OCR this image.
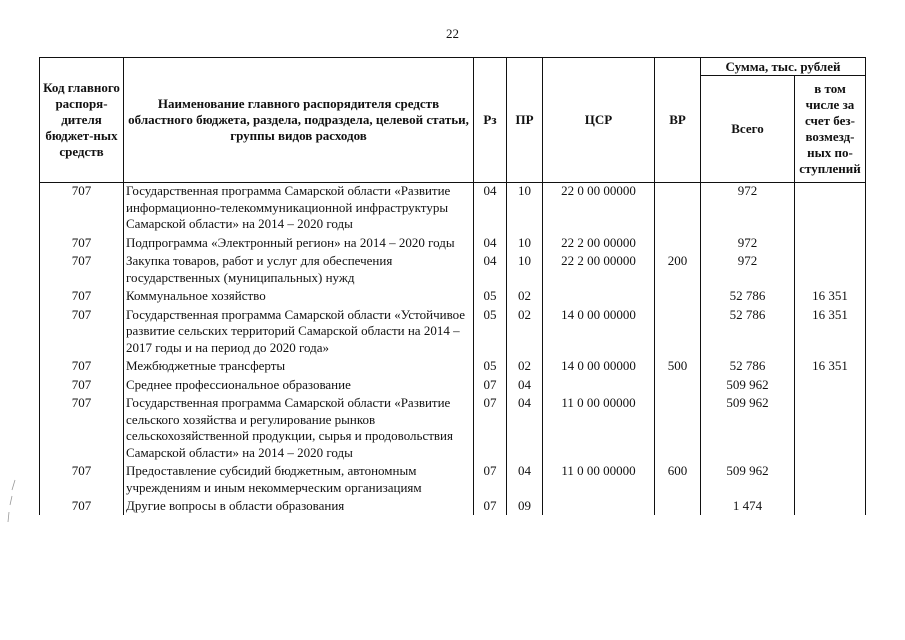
22
Код главного распоря-дителя бюджет-ных средств	Наименование главного распорядителя средств областного бюджета, раздела, подраздела, целевой статьи, группы видов расходов	Рз	ПР	ЦСР	ВР	Сумма, тыс. рублей	
						Всего	в том числе за счет без-возмезд-ных по-ступлений
707	Государственная программа Самарской области «Развитие информационно-телекоммуникационной инфраструктуры Самарской области» на 2014 – 2020 годы	04	10	22 0 00 00000		972	
707	Подпрограмма «Электронный регион» на 2014 – 2020 годы	04	10	22 2 00 00000		972	
707	Закупка товаров, работ и услуг для обеспечения государственных (муниципальных) нужд	04	10	22 2 00 00000	200	972	
707	Коммунальное хозяйство	05	02			52 786	16 351
707	Государственная программа Самарской области «Устойчивое развитие сельских территорий Самарской области на 2014 – 2017 годы и на период до 2020 года»	05	02	14 0 00 00000		52 786	16 351
707	Межбюджетные трансферты	05	02	14 0 00 00000	500	52 786	16 351
707	Среднее профессиональное образование	07	04			509 962	
707	Государственная программа Самарской области «Развитие сельского хозяйства и регулирование рынков сельскохозяйственной продукции, сырья и продовольствия Самарской области» на 2014 – 2020 годы	07	04	11 0 00 00000		509 962	
707	Предоставление субсидий бюджетным, автономным учреждениям и иным некоммерческим организациям	07	04	11 0 00 00000	600	509 962	
707	Другие вопросы в области образования	07	09			1 474	
